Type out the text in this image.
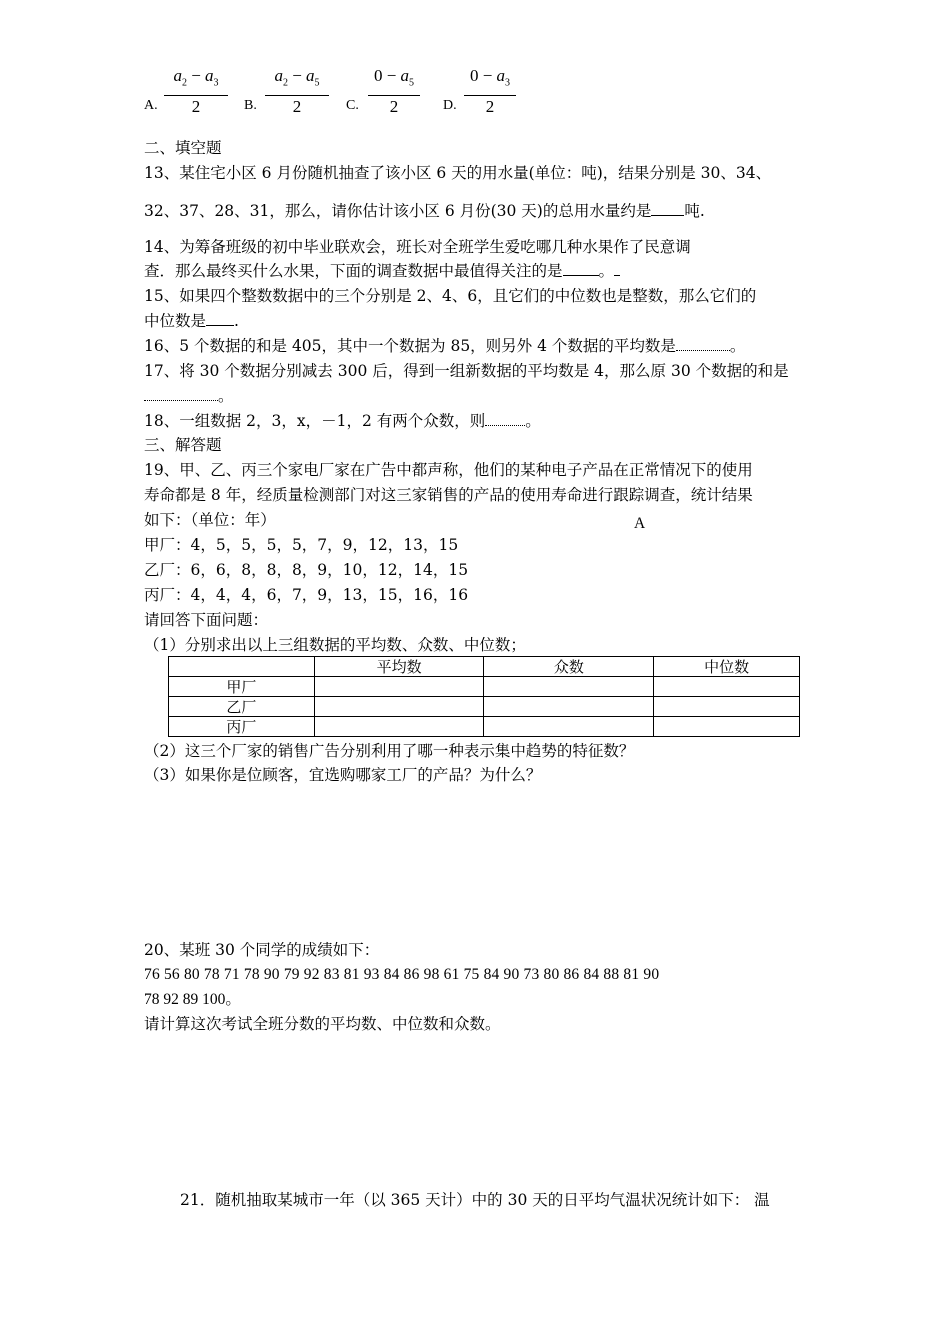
A.
$a_2 - a_3$
2	B.
$a_2 - a_5$
2	C.
$0 - a_5$
2	D.
$0 - a_3$
2
二、填空题
13、某住宅小区 6 月份随机抽查了该小区 6 天的用水量(单位：吨)，结果分别是 30、34、
32、37、28、31，那么，请你估计该小区 6 月份(30 天)的总用水量约是 吨.
14、为筹备班级的初中毕业联欢会，班长对全班学生爱吃哪几种水果作了民意调
查．那么最终买什么水果，下面的调查数据中最值得关注的是 。
15、如果四个整数数据中的三个分别是 2、4、6，且它们的中位数也是整数，那么它们的
中位数是 .
16、5 个数据的和是 405，其中一个数据为 85，则另外 4 个数据的平均数是	。
17、将 30 个数据分别减去 300 后，得到一组新数据的平均数是 4，那么原 30 个数据的和是
。
18、一组数据 2，3，x，－1，2 有两个众数，则	。
三、解答题
19、甲、乙、丙三个家电厂家在广告中都声称，他们的某种电子产品在正常情况下的使用
寿命都是 8 年，经质量检测部门对这三家销售的产品的使用寿命进行跟踪调查，统计结果
如下：（单位：年）	A
甲厂：4，5，5，5，5，7，9，12，13，15
乙厂：6，6，8，8，8，9，10，12，14，15
丙厂：4，4，4，6，7，9，13，15，16，16
请回答下面问题：
（1）分别求出以上三组数据的平均数、众数、中位数；
	平均数	众数	中位数
甲厂			
乙厂			
丙厂			
（2）这三个厂家的销售广告分别利用了哪一种表示集中趋势的特征数？
（3）如果你是位顾客，宜选购哪家工厂的产品？为什么？
20、某班 30 个同学的成绩如下：
76 56 80 78 71 78 90 79 92 83 81 93 84 86 98 61 75 84 90 73 80 86 84 88 81 90
78 92 89 100。
请计算这次考试全班分数的平均数、中位数和众数。
21．随机抽取某城市一年（以 365 天计）中的 30 天的日平均气温状况统计如下： 温
